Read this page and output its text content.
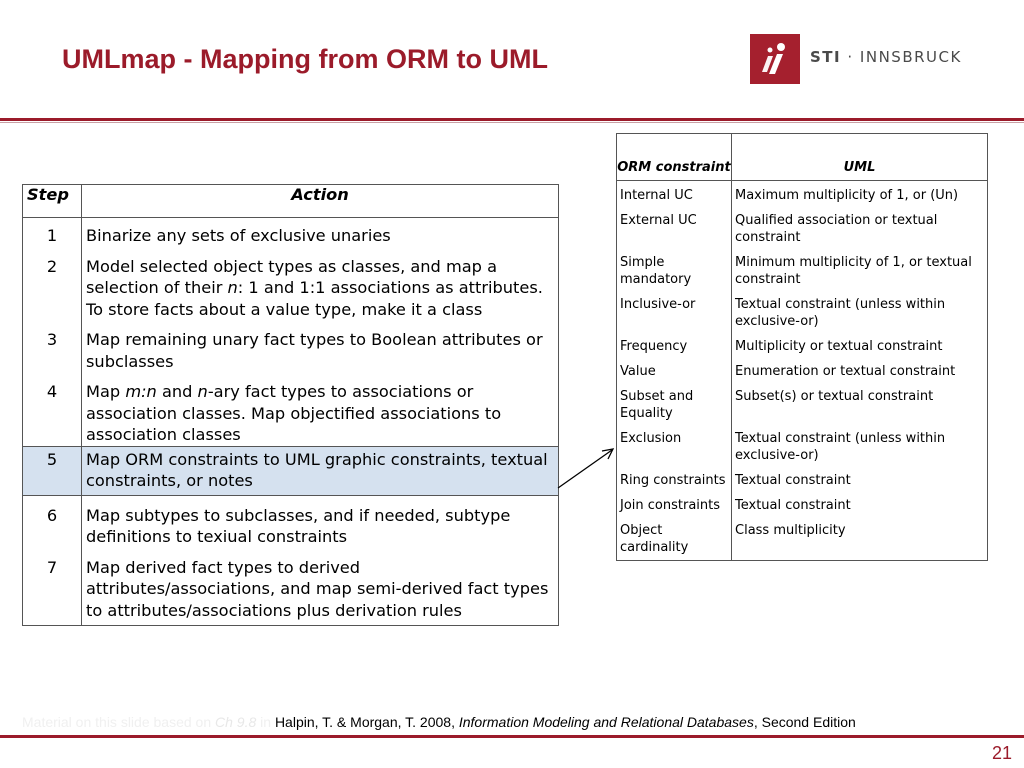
UMLmap - Mapping from ORM to UML	STI · INNSBRUCK
Step	Action
1	Binarize any sets of exclusive unaries
2	Model selected object types as classes, and map a selection of their n: 1 and 1:1 associations as attributes. To store facts about a value type, make it a class
3	Map remaining unary fact types to Boolean attributes or subclasses
4	Map m:n and n-ary fact types to associations or association classes. Map objectified associations to association classes
5	Map ORM constraints to UML graphic constraints, textual constraints, or notes
6	Map subtypes to subclasses, and if needed, subtype definitions to texiual constraints
7	Map derived fact types to derived attributes/associations, and map semi-derived fact types to attributes/associations plus derivation rules
ORM constraint	UML
Internal UC	Maximum multiplicity of 1, or (Un)
External UC	Qualified association or textual constraint
Simple mandatory	Minimum multiplicity of 1, or textual constraint
Inclusive-or	Textual constraint (unless within exclusive-or)
Frequency	Multiplicity or textual constraint
Value	Enumeration or textual constraint
Subset and Equality	Subset(s) or textual constraint
Exclusion	Textual constraint (unless within exclusive-or)
Ring constraints	Textual constraint
Join constraints	Textual constraint
Object cardinality	Class multiplicity
Material on this slide based on Ch 9.8 in Halpin, T. & Morgan, T. 2008, Information Modeling and Relational Databases, Second Edition
21
